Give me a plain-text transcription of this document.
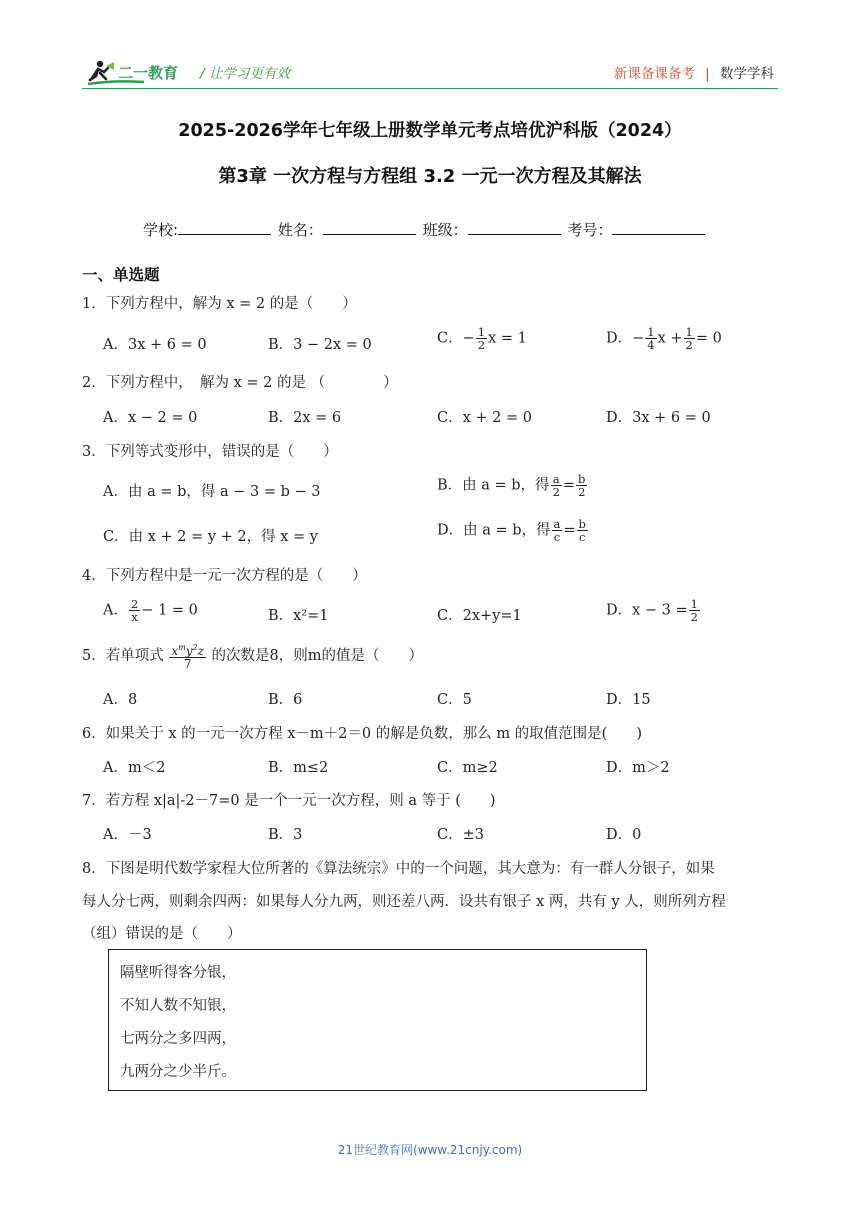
二一教育 / 让学习更有效	新课备课备考 | 数学学科
2025-2026学年七年级上册数学单元考点培优沪科版（2024）
第3章 一次方程与方程组 3.2 一元一次方程及其解法
学校:	姓名：	班级：	考号：
一、单选题
1．下列方程中，解为 x = 2 的是（　　）
A．3x + 6 = 0	B．3 − 2x = 0	C．− $\frac{1}{2}$ x = 1	D．− $\frac{1}{4}$ $x + \frac{1}{2} = 0$
2．下列方程中，　解为 x = 2 的是 （　　　　）
A．x − 2 = 0	B．2x = 6	C．x + 2 = 0	D．3x + 6 = 0
3．下列等式变形中，错误的是（　　）
A．由 a = b，得 a − 3 = b − 3	B．由 a = b，得 $\frac{a}{2} = \frac{b}{2}$
C．由 x + 2 = y + 2，得 x = y	D．由 a = b，得 $\frac{a}{c} = \frac{b}{c}$
4．下列方程中是一元一次方程的是（　　）
A． $\frac{2}{x} - 1 = 0$	B．x²=1	C．2x+y=1	D．$x - 3 = \frac{1}{2}$
5．若单项式 $\frac{x^my^2z}{7}$ 的次数是8，则m的值是（　　）
A．8	B．6	C．5	D．15
6．如果关于 x 的一元一次方程 x－m＋2＝0 的解是负数，那么 m 的取值范围是(　　)
A．m＜2	B．m≤2	C．m≥2	D．m＞2
7．若方程 x|a|-2－7=0 是一个一元一次方程，则 a 等于 (　　)
A．－3	B．3	C．±3	D．0
8．下图是明代数学家程大位所著的《算法统宗》中的一个问题，其大意为：有一群人分银子，如果
每人分七两，则剩余四两：如果每人分九两，则还差八两．设共有银子 x 两，共有 y 人，则所列方程
（组）错误的是（　　）
隔壁听得客分银，
不知人数不知银，
七两分之多四两，
九两分之少半斤。
21世纪教育网(www.21cnjy.com)
